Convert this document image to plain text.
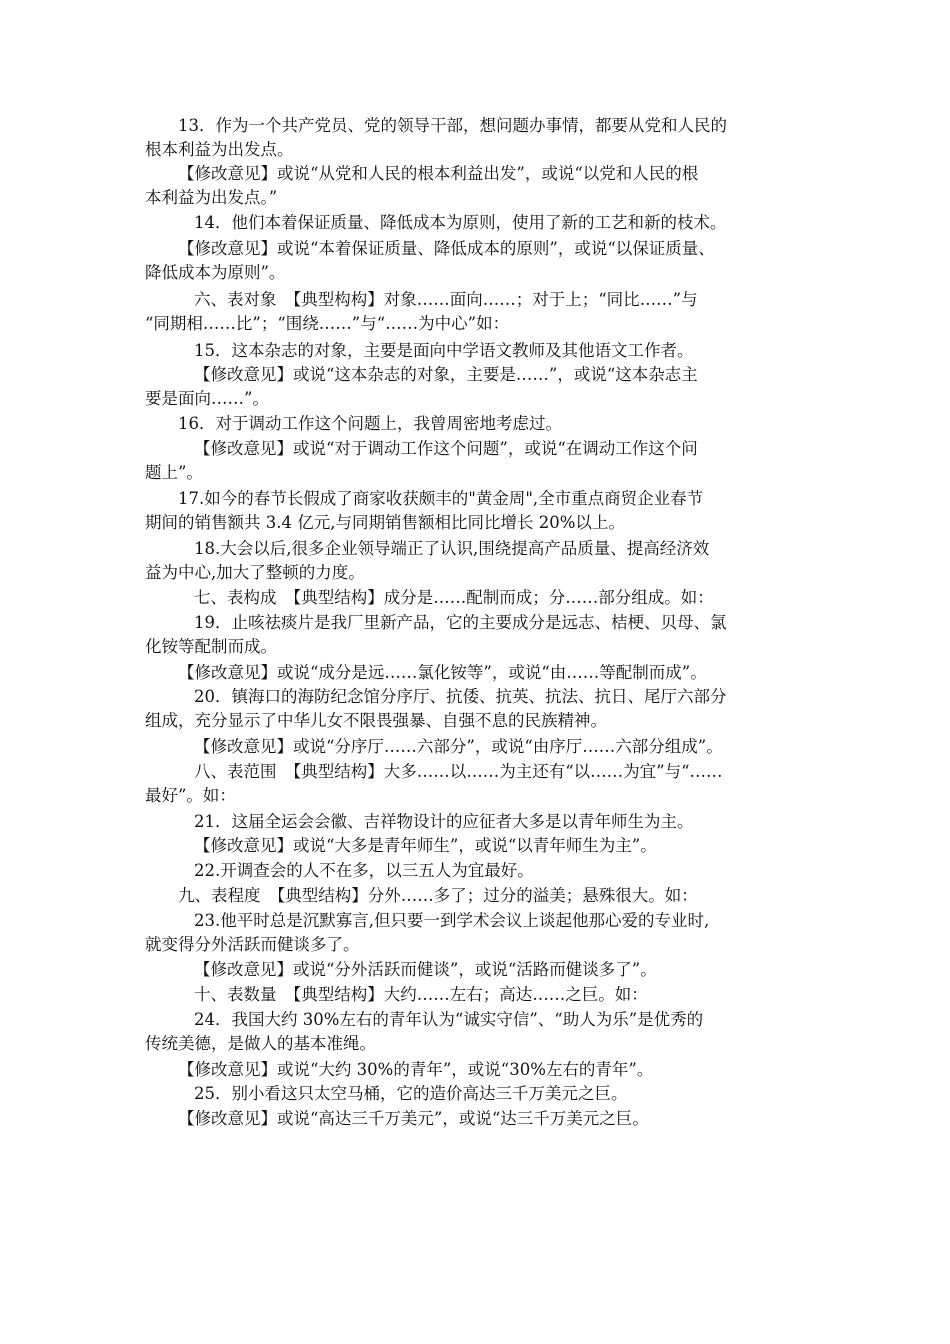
13．作为一个共产党员、党的领导干部，想问题办事情，都要从党和人民的
根本利益为出发点。
【修改意见】或说“从党和人民的根本利益出发”，或说“以党和人民的根
本利益为出发点。”
14．他们本着保证质量、降低成本为原则，使用了新的工艺和新的枝术。
【修改意见】或说“本着保证质量、降低成本的原则”，或说“以保证质量、
降低成本为原则”。
六、表对象　【典型构构】对象……面向……；对于上；“同比……”与
“同期相……比”；“围绕……”与“……为中心”如：
15．这本杂志的对象，主要是面向中学语文教师及其他语文工作者。
【修改意见】或说“这本杂志的对象，主要是……”，或说“这本杂志主
要是面向……”。
16．对于调动工作这个问题上，我曾周密地考虑过。
【修改意见】或说“对于调动工作这个问题”，或说“在调动工作这个问
题上”。
17.如今的春节长假成了商家收获颇丰的"黄金周",全市重点商贸企业春节
期间的销售额共 3.4 亿元,与同期销售额相比同比增长 20%以上。
18.大会以后,很多企业领导端正了认识,围绕提高产品质量、提高经济效
益为中心,加大了整顿的力度。
七、表构成　【典型结构】成分是……配制而成；分……部分组成。如：
19．止咳祛痰片是我厂里新产品，它的主要成分是远志、桔梗、贝母、氯
化铵等配制而成。
【修改意见】或说“成分是远……氯化铵等”，或说“由……等配制而成”。
20．镇海口的海防纪念馆分序厅、抗倭、抗英、抗法、抗日、尾厅六部分
组成，充分显示了中华儿女不限畏强暴、自强不息的民族精神。
【修改意见】或说“分序厅……六部分”，或说“由序厅……六部分组成”。
八、表范围　【典型结构】大多……以……为主还有“以……为宜”与“……
最好”。如：
21．这届全运会会徽、吉祥物设计的应征者大多是以青年师生为主。
【修改意见】或说“大多是青年师生”，或说“以青年师生为主”。
22.开调查会的人不在多，以三五人为宜最好。
九、表程度　【典型结构】分外……多了；过分的溢美；悬殊很大。如：
23.他平时总是沉默寡言,但只要一到学术会议上谈起他那心爱的专业时,
就变得分外活跃而健谈多了。
【修改意见】或说“分外活跃而健谈”，或说“活路而健谈多了”。
十、表数量　【典型结构】大约……左右；高达……之巨。如：
24．我国大约 30%左右的青年认为“诚实守信”、“助人为乐”是优秀的
传统美德，是做人的基本准绳。
【修改意见】或说“大约 30%的青年”，或说“30%左右的青年”。
25．别小看这只太空马桶，它的造价高达三千万美元之巨。
【修改意见】或说“高达三千万美元”，或说“达三千万美元之巨。
